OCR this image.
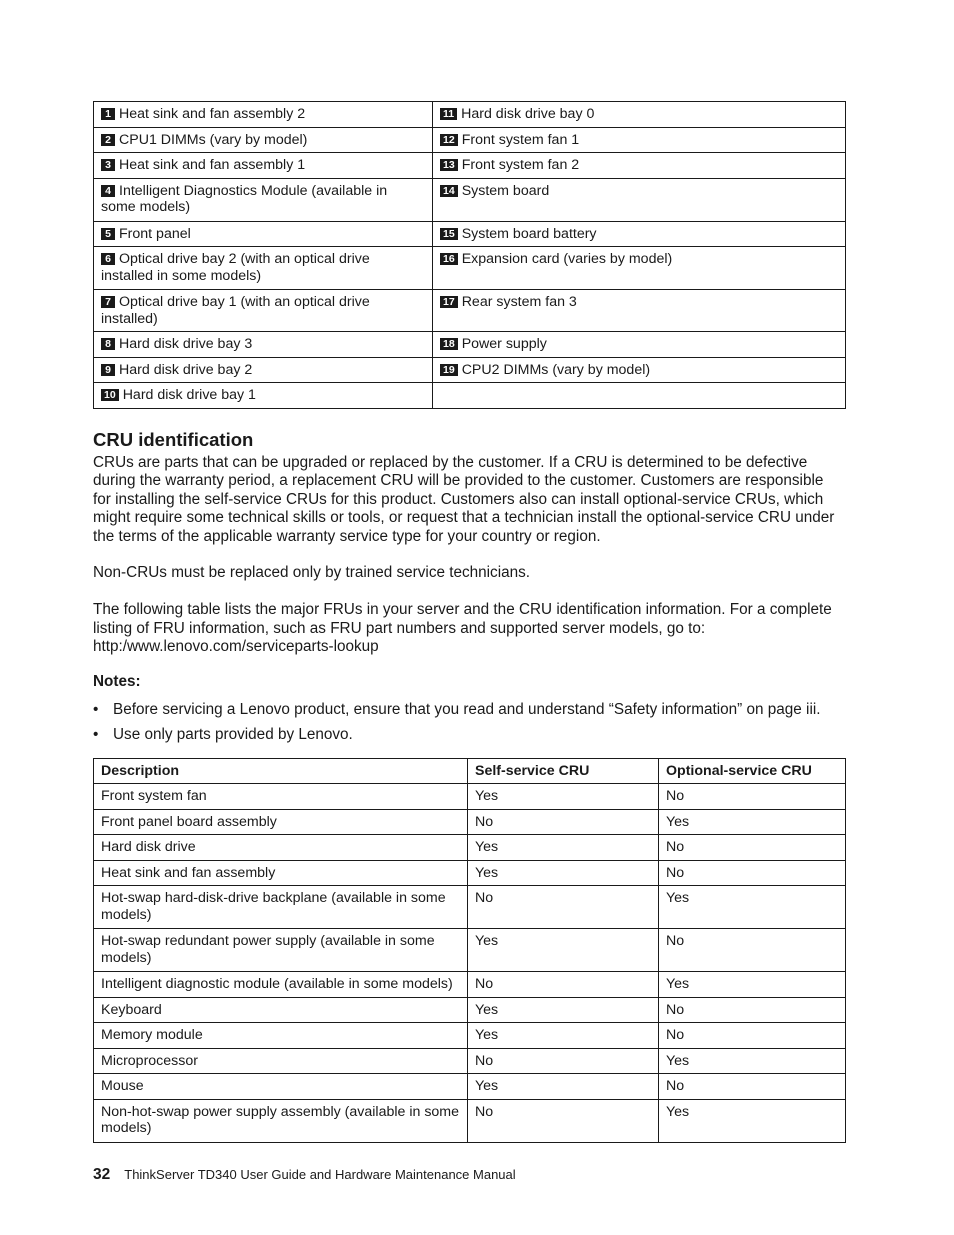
1 Heat sink and fan assembly 2	11 Hard disk drive bay 0
2 CPU1 DIMMs (vary by model)	12 Front system fan 1
3 Heat sink and fan assembly 1	13 Front system fan 2
4 Intelligent Diagnostics Module (available in some models)	14 System board
5 Front panel	15 System board battery
6 Optical drive bay 2 (with an optical drive installed in some models)	16 Expansion card (varies by model)
7 Optical drive bay 1 (with an optical drive installed)	17 Rear system fan 3
8 Hard disk drive bay 3	18 Power supply
9 Hard disk drive bay 2	19 CPU2 DIMMs (vary by model)
10 Hard disk drive bay 1	
CRU identification

CRUs are parts that can be upgraded or replaced by the customer. If a CRU is determined to be defective during the warranty period, a replacement CRU will be provided to the customer. Customers are responsible for installing the self-service CRUs for this product. Customers also can install optional-service CRUs, which might require some technical skills or tools, or request that a technician install the optional-service CRU under the terms of the applicable warranty service type for your country or region.

Non-CRUs must be replaced only by trained service technicians.

The following table lists the major FRUs in your server and the CRU identification information. For a complete listing of FRU information, such as FRU part numbers and supported server models, go to:
http:/www.lenovo.com/serviceparts-lookup

Notes:
• Before servicing a Lenovo product, ensure that you read and understand “Safety information” on page iii.
• Use only parts provided by Lenovo.
Description	Self-service CRU	Optional-service CRU
Front system fan	Yes	No
Front panel board assembly	No	Yes
Hard disk drive	Yes	No
Heat sink and fan assembly	Yes	No
Hot-swap hard-disk-drive backplane (available in some models)	No	Yes
Hot-swap redundant power supply (available in some models)	Yes	No
Intelligent diagnostic module (available in some models)	No	Yes
Keyboard	Yes	No
Memory module	Yes	No
Microprocessor	No	Yes
Mouse	Yes	No
Non-hot-swap power supply assembly (available in some models)	No	Yes
32 ThinkServer TD340 User Guide and Hardware Maintenance Manual
